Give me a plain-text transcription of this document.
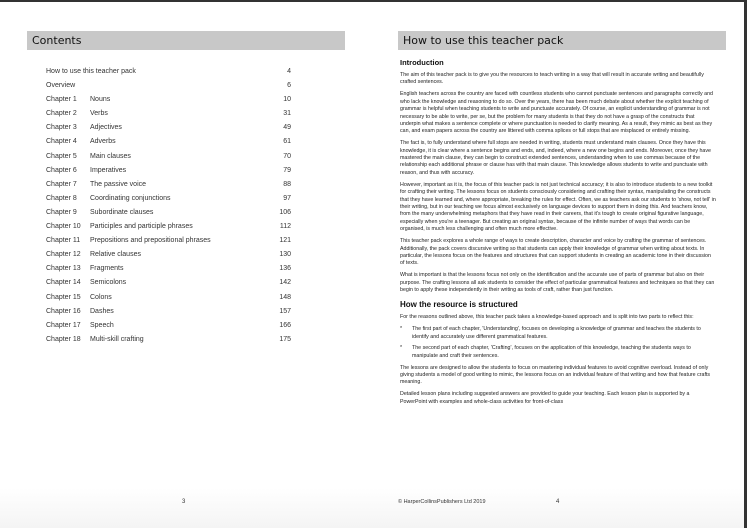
Contents
How to use this teacher pack	4
Overview	6
Chapter 1 Nouns	10
Chapter 2 Verbs	31
Chapter 3 Adjectives	49
Chapter 4 Adverbs	61
Chapter 5 Main clauses	70
Chapter 6 Imperatives	79
Chapter 7 The passive voice	88
Chapter 8 Coordinating conjunctions	97
Chapter 9 Subordinate clauses	106
Chapter 10 Participles and participle phrases	112
Chapter 11 Prepositions and prepositional phrases	121
Chapter 12 Relative clauses	130
Chapter 13 Fragments	136
Chapter 14 Semicolons	142
Chapter 15 Colons	148
Chapter 16 Dashes	157
Chapter 17 Speech	166
Chapter 18 Multi-skill crafting	175
3
How to use this teacher pack
Introduction

The aim of this teacher pack is to give you the resources to teach writing in a way that will result in accurate writing and beautifully crafted sentences.

English teachers across the country are faced with countless students who cannot punctuate sentences and paragraphs correctly and who lack the knowledge and reasoning to do so. Over the years, there has been much debate about whether the explicit teaching of grammar is helpful when teaching students to write and punctuate accurately. Of course, an explicit understanding of grammar is not necessary to be able to write, per se, but the problem for many students is that they do not have a grasp of the constructs that underpin what makes a sentence complete or where punctuation is needed to clarify meaning. As a result, they mimic as best as they can, and exam papers across the country are littered with comma splices or full stops that are misplaced or entirely missing.

The fact is, to fully understand where full stops are needed in writing, students must understand main clauses. Once they have this knowledge, it is clear where a sentence begins and ends, and, indeed, where a new one begins and ends. Moreover, once they have mastered the main clause, they can begin to construct extended sentences, understanding when to use commas because of the relationship each additional phrase or clause has with that main clause. This knowledge allows students to write and punctuate with reason, and thus with accuracy.

However, important as it is, the focus of this teacher pack is not just technical accuracy; it is also to introduce students to a new toolkit for crafting their writing. The lessons focus on students consciously considering and crafting their syntax, manipulating the constructs that they have learned and, where appropriate, breaking the rules for effect. Often, we as teachers ask our students to 'show, not tell' in their writing, but in our teaching we focus almost exclusively on language devices to support them in doing this. And teachers know, from the many underwhelming metaphors that they have read in their careers, that it's tough to create original figurative language, especially when you're a teenager. But creating an original syntax, because of the infinite number of ways that words can be organised, is much less challenging and often much more effective.

This teacher pack explores a whole range of ways to create description, character and voice by crafting the grammar of sentences. Additionally, the pack covers discursive writing so that students can apply their knowledge of grammar when writing about texts. In particular, the lessons focus on the features and structures that can support students in creating an academic tone in their discussion of texts.

What is important is that the lessons focus not only on the identification and the accurate use of parts of grammar but also on their purpose. The crafting lessons all ask students to consider the effect of particular grammatical features and techniques so that they can begin to apply these independently in their writing as tools of craft, rather than just function.

How the resource is structured

For the reasons outlined above, this teacher pack takes a knowledge-based approach and is split into two parts to reflect this:

* The first part of each chapter, 'Understanding', focuses on developing a knowledge of grammar and teaches the students to identify and accurately use different grammatical features.
* The second part of each chapter, 'Crafting', focuses on the application of this knowledge, teaching the students ways to manipulate and craft their sentences.

The lessons are designed to allow the students to focus on mastering individual features to avoid cognitive overload. Instead of only giving students a model of good writing to mimic, the lessons focus on an individual feature of that writing and how that feature crafts meaning.

Detailed lesson plans including suggested answers are provided to guide your teaching. Each lesson plan is supported by a PowerPoint with examples and whole-class activities for front-of-class

© HarperCollinsPublishers Ltd 2019	4
